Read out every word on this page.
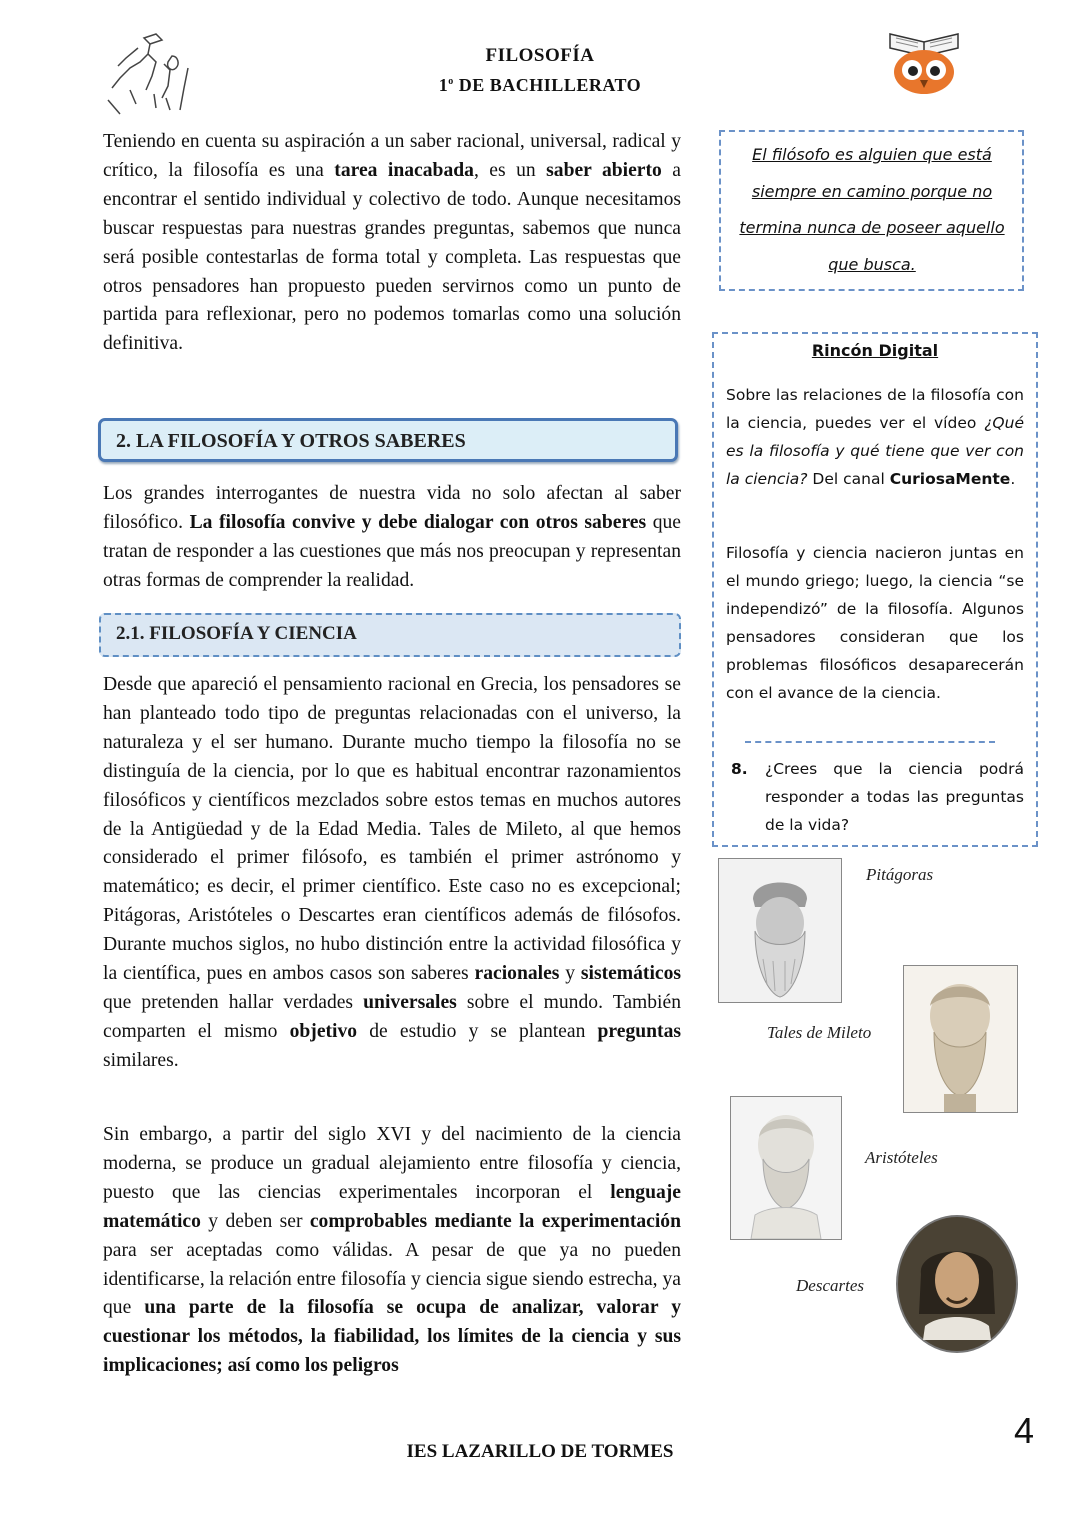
FILOSOFÍA
1$^o$ DE BACHILLERATO
Teniendo en cuenta su aspiración a un saber racional, universal, radical y crítico, la filosofía es una tarea inacabada, es un saber abierto a encontrar el sentido individual y colectivo de todo. Aunque necesitamos buscar respuestas para nuestras grandes preguntas, sabemos que nunca será posible contestarlas de forma total y completa. Las respuestas que otros pensadores han propuesto pueden servirnos como un punto de partida para reflexionar, pero no podemos tomarlas como una solución definitiva.
2. LA FILOSOFÍA Y OTROS SABERES
Los grandes interrogantes de nuestra vida no solo afectan al saber filosófico. La filosofía convive y debe dialogar con otros saberes que tratan de responder a las cuestiones que más nos preocupan y representan otras formas de comprender la realidad.
2.1. FILOSOFÍA Y CIENCIA
Desde que apareció el pensamiento racional en Grecia, los pensadores se han planteado todo tipo de preguntas relacionadas con el universo, la naturaleza y el ser humano. Durante mucho tiempo la filosofía no se distinguía de la ciencia, por lo que es habitual encontrar razonamientos filosóficos y científicos mezclados sobre estos temas en muchos autores de la Antigüedad y de la Edad Media. Tales de Mileto, al que hemos considerado el primer filósofo, es también el primer astrónomo y matemático; es decir, el primer científico. Este caso no es excepcional; Pitágoras, Aristóteles o Descartes eran científicos además de filósofos. Durante muchos siglos, no hubo distinción entre la actividad filosófica y la científica, pues en ambos casos son saberes racionales y sistemáticos que pretenden hallar verdades universales sobre el mundo. También comparten el mismo objetivo de estudio y se plantean preguntas similares.
Sin embargo, a partir del siglo XVI y del nacimiento de la ciencia moderna, se produce un gradual alejamiento entre filosofía y ciencia, puesto que las ciencias experimentales incorporan el lenguaje matemático y deben ser comprobables mediante la experimentación para ser aceptadas como válidas. A pesar de que ya no pueden identificarse, la relación entre filosofía y ciencia sigue siendo estrecha, ya que una parte de la filosofía se ocupa de analizar, valorar y cuestionar los métodos, la fiabilidad, los límites de la ciencia y sus implicaciones; así como los peligros
El filósofo es alguien que está siempre en camino porque no termina nunca de poseer aquello que busca.
Rincón Digital
Sobre las relaciones de la filosofía con la ciencia, puedes ver el vídeo ¿Qué es la filosofía y qué tiene que ver con la ciencia? Del canal CuriosaMente.
Filosofía y ciencia nacieron juntas en el mundo griego; luego, la ciencia “se independizó” de la filosofía. Algunos pensadores consideran que los problemas filosóficos desaparecerán con el avance de la ciencia.
8. ¿Crees que la ciencia podrá responder a todas las preguntas de la vida?
Pitágoras
Tales de Mileto
Aristóteles
Descartes
IES LAZARILLO DE TORMES
4
